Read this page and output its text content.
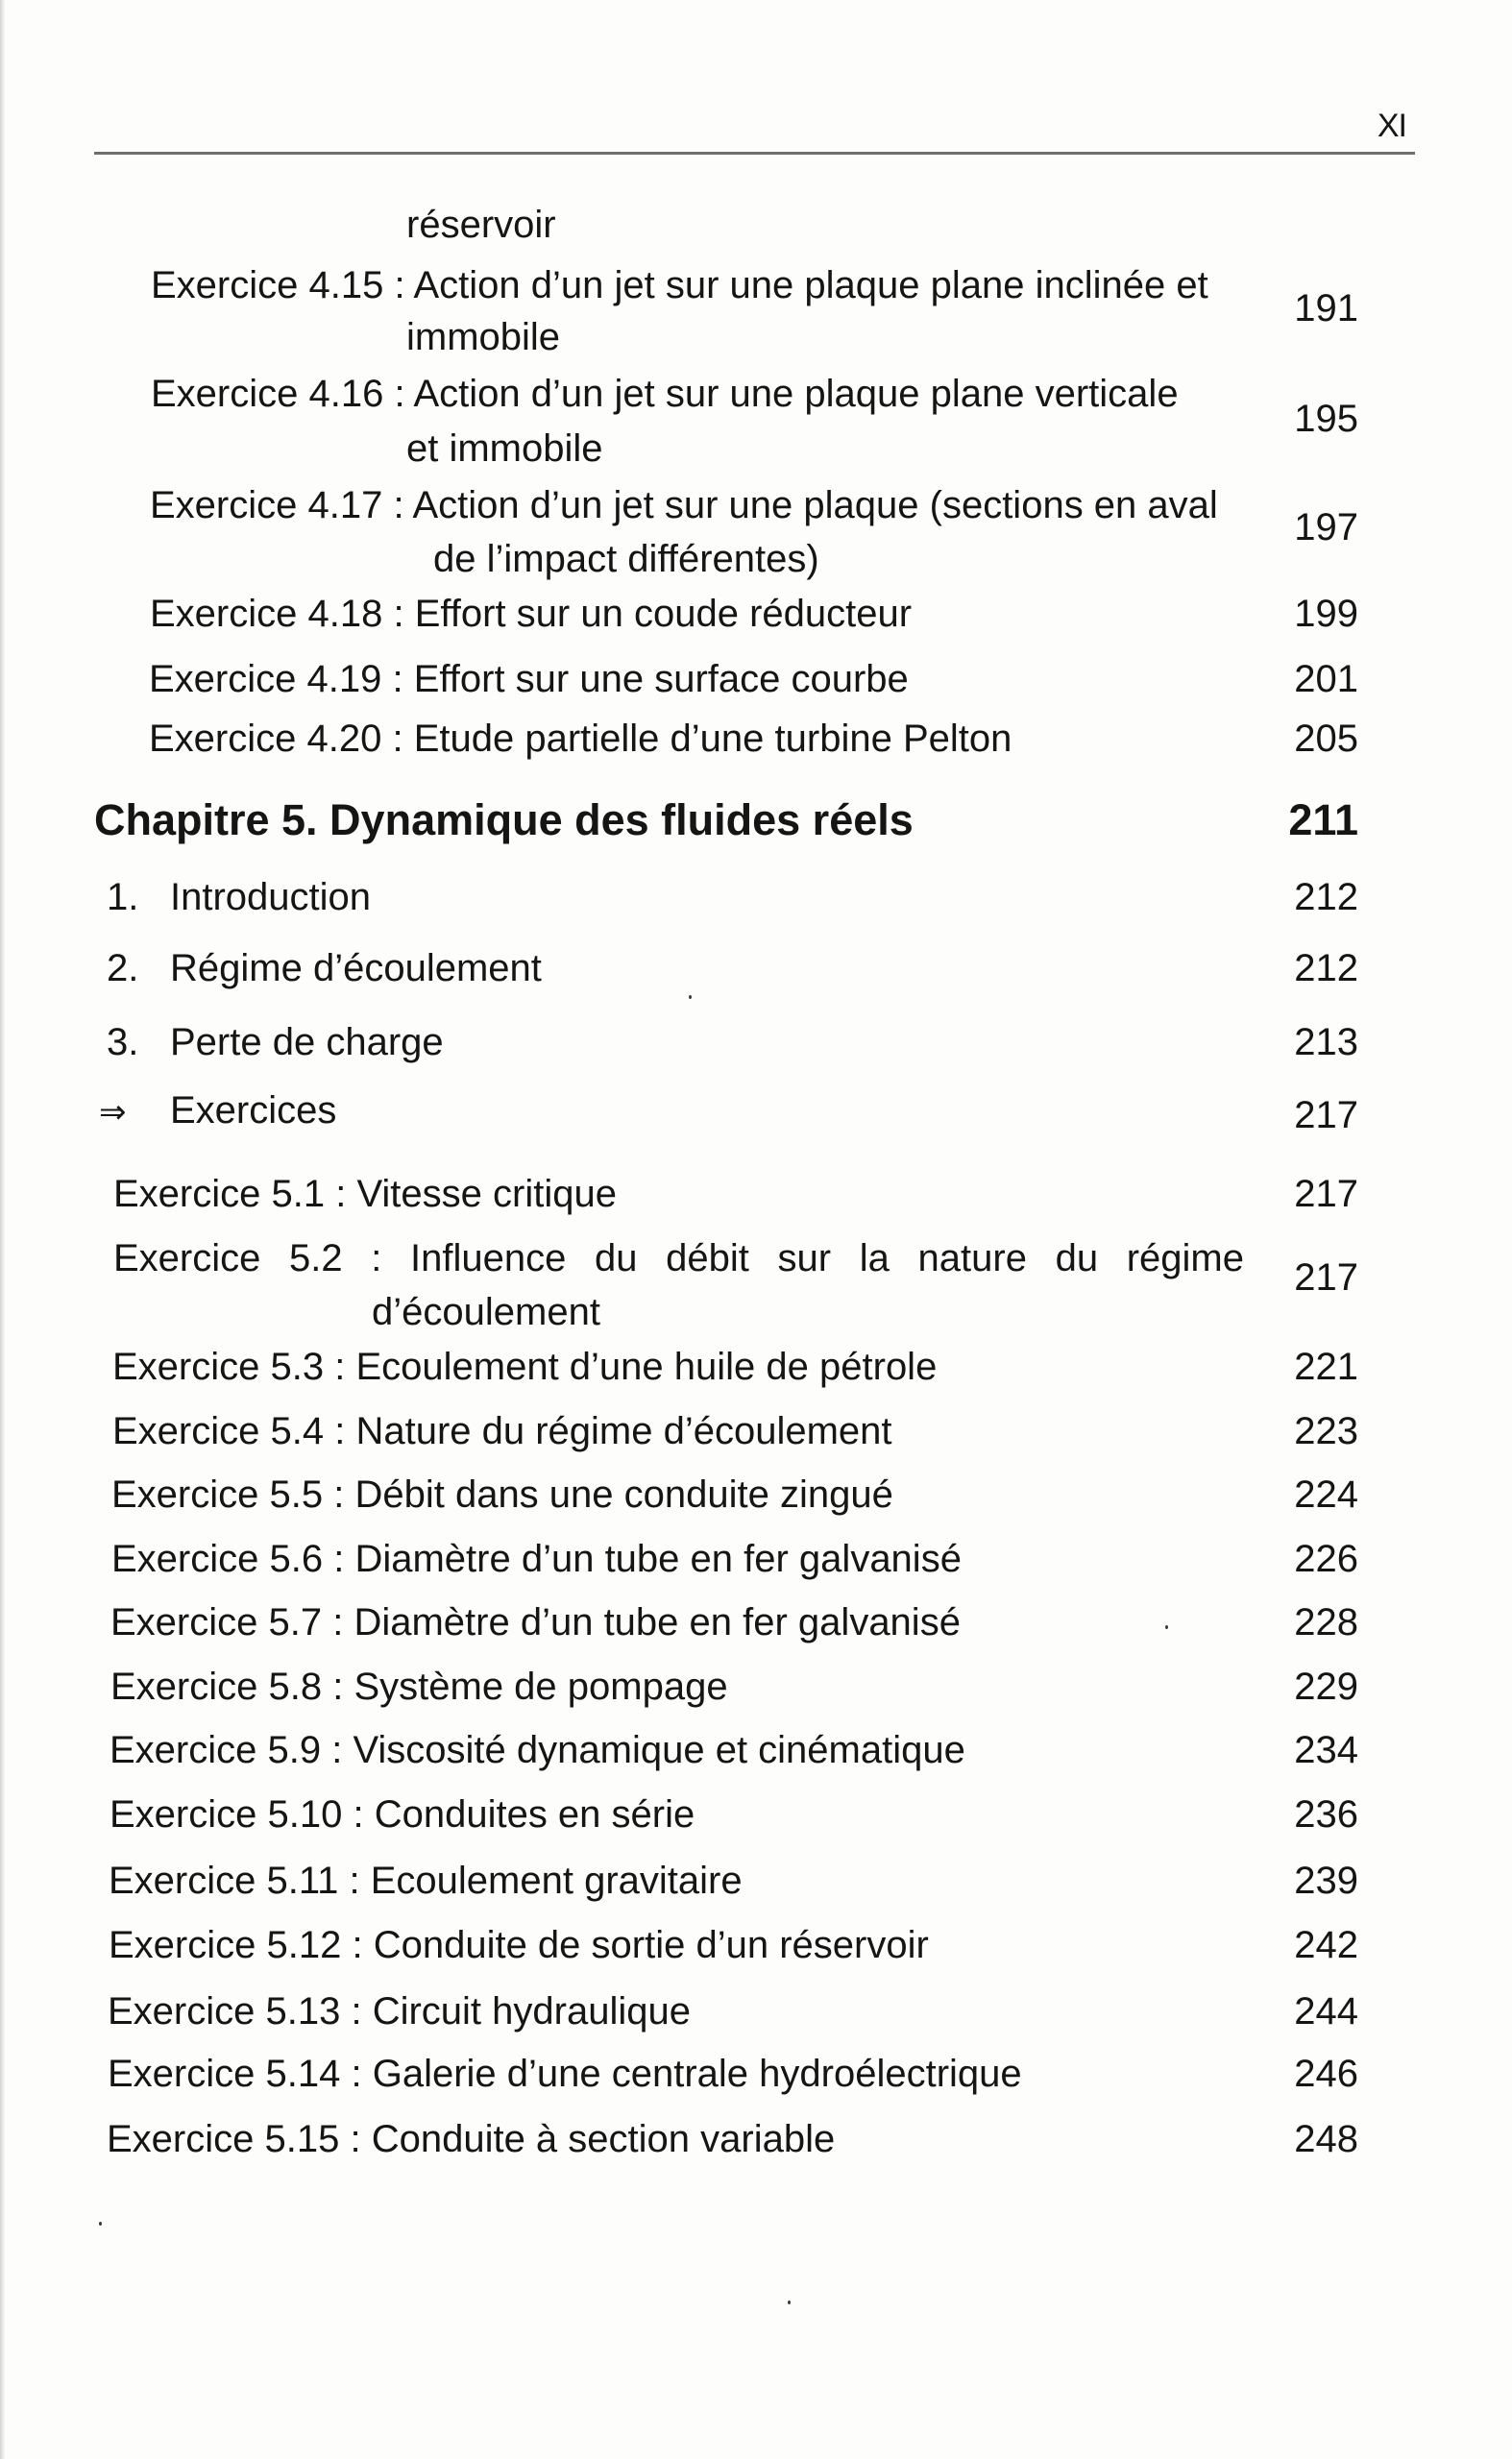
XI
réservoir
Exercice 4.15 : Action d’un jet sur une plaque plane inclinée et
immobile
191
Exercice 4.16 : Action d’un jet sur une plaque plane verticale
et immobile
195
Exercice 4.17 : Action d’un jet sur une plaque (sections en aval
de l’impact différentes)
197
Exercice 4.18 : Effort sur un coude réducteur	199
Exercice 4.19 : Effort sur une surface courbe	201
Exercice 4.20 : Etude partielle d’une turbine Pelton	205
Chapitre 5. Dynamique des fluides réels	211
1. Introduction	212
2. Régime d’écoulement	212
3. Perte de charge	213
⇒ Exercices	217
Exercice 5.1 : Vitesse critique	217
Exercice 5.2 : Influence du débit sur la nature du régime
d’écoulement
217
Exercice 5.3 : Ecoulement d’une huile de pétrole	221
Exercice 5.4 : Nature du régime d’écoulement	223
Exercice 5.5 : Débit dans une conduite zingué	224
Exercice 5.6 : Diamètre d’un tube en fer galvanisé	226
Exercice 5.7 : Diamètre d’un tube en fer galvanisé	228
Exercice 5.8 : Système de pompage	229
Exercice 5.9 : Viscosité dynamique et cinématique	234
Exercice 5.10 : Conduites en série	236
Exercice 5.11 : Ecoulement gravitaire	239
Exercice 5.12 : Conduite de sortie d’un réservoir	242
Exercice 5.13 : Circuit hydraulique	244
Exercice 5.14 : Galerie d’une centrale hydroélectrique	246
Exercice 5.15 : Conduite à section variable	248
